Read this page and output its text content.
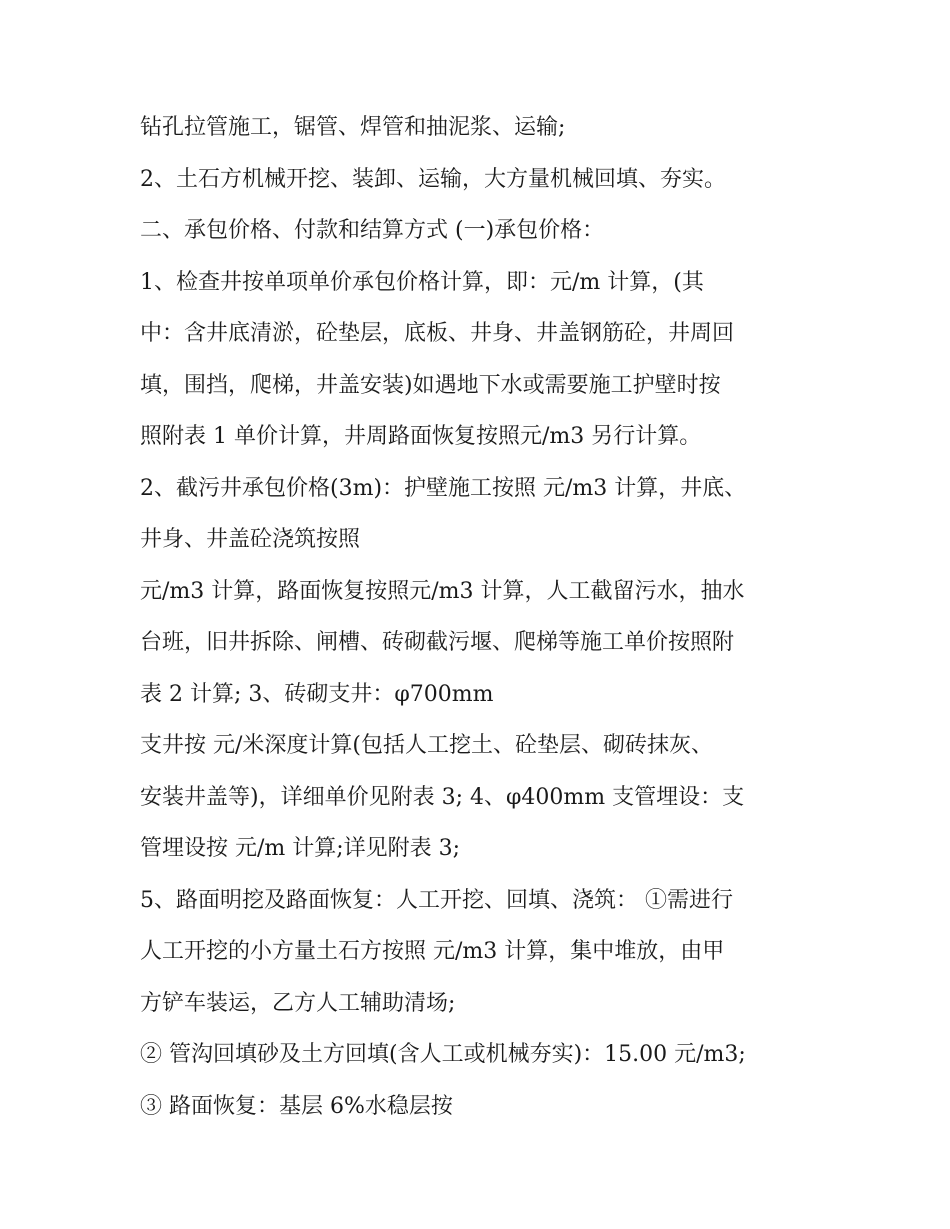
钻孔拉管施工，锯管、焊管和抽泥浆、运输;
2、土石方机械开挖、装卸、运输，大方量机械回填、夯实。
二、承包价格、付款和结算方式 (一)承包价格：
1、检查井按单项单价承包价格计算，即：元/m 计算，(其
中：含井底清淤，砼垫层，底板、井身、井盖钢筋砼，井周回
填，围挡，爬梯，井盖安装)如遇地下水或需要施工护壁时按
照附表 1 单价计算，井周路面恢复按照元/m3 另行计算。
2、截污井承包价格(3m)：护壁施工按照 元/m3 计算，井底、
井身、井盖砼浇筑按照
元/m3 计算，路面恢复按照元/m3 计算，人工截留污水，抽水
台班，旧井拆除、闸槽、砖砌截污堰、爬梯等施工单价按照附
表 2 计算; 3、砖砌支井：φ700mm
支井按 元/米深度计算(包括人工挖土、砼垫层、砌砖抹灰、
安装井盖等)，详细单价见附表 3; 4、φ400mm 支管埋设：支
管埋设按 元/m 计算;详见附表 3;
5、路面明挖及路面恢复：人工开挖、回填、浇筑： ①需进行
人工开挖的小方量土石方按照 元/m3 计算，集中堆放，由甲
方铲车装运，乙方人工辅助清场;
② 管沟回填砂及土方回填(含人工或机械夯实)：15.00 元/m3;
③ 路面恢复：基层 6%水稳层按
